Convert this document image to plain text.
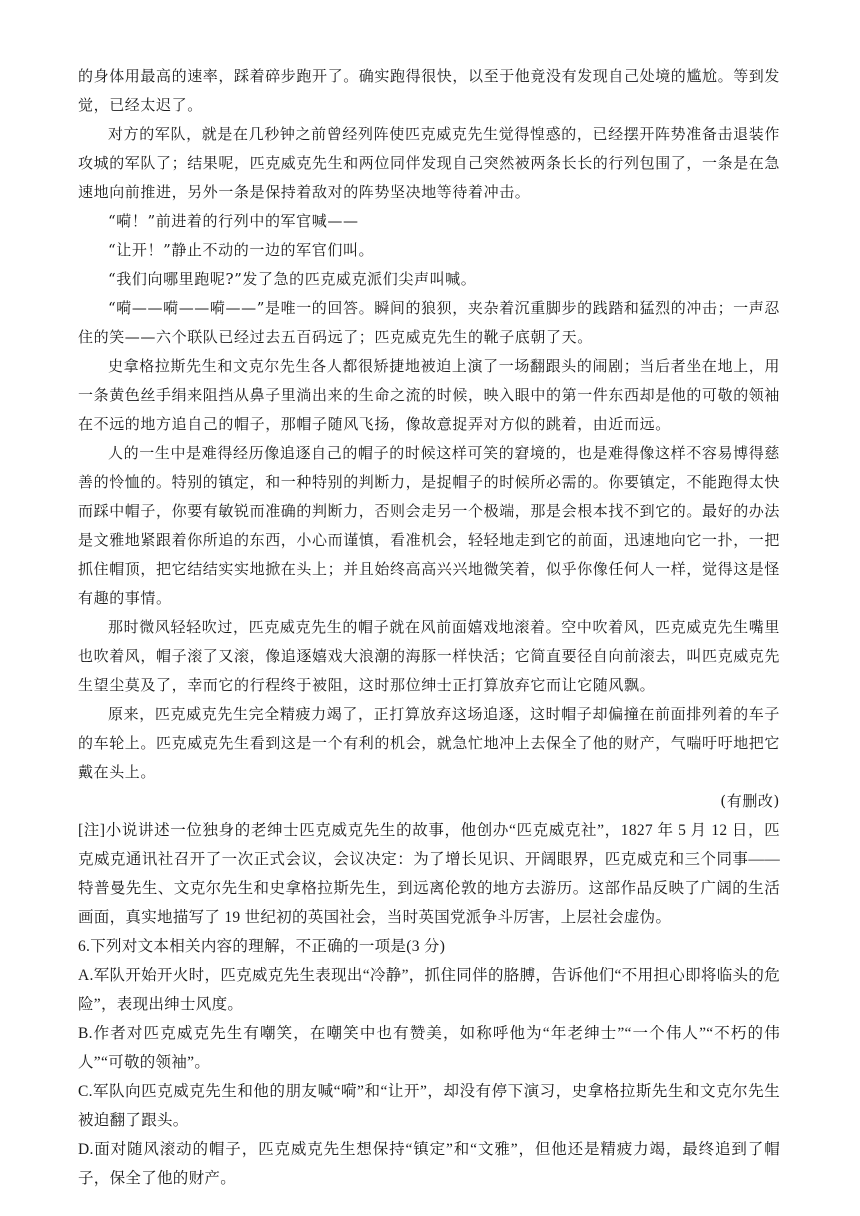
的身体用最高的速率，踩着碎步跑开了。确实跑得很快，以至于他竟没有发现自己处境的尴尬。等到发觉，已经太迟了。

对方的军队，就是在几秒钟之前曾经列阵使匹克威克先生觉得惶惑的，已经摆开阵势准备击退装作攻城的军队了；结果呢，匹克威克先生和两位同伴发现自己突然被两条长长的行列包围了，一条是在急速地向前推进，另外一条是保持着敌对的阵势坚决地等待着冲击。

“嗬！”前进着的行列中的军官喊——

“让开！”静止不动的一边的军官们叫。

“我们向哪里跑呢?”发了急的匹克威克派们尖声叫喊。

“嗬——嗬——嗬——”是唯一的回答。瞬间的狼狈，夹杂着沉重脚步的践踏和猛烈的冲击；一声忍住的笑——六个联队已经过去五百码远了；匹克威克先生的靴子底朝了天。

史拿格拉斯先生和文克尔先生各人都很矫捷地被迫上演了一场翻跟头的闹剧；当后者坐在地上，用一条黄色丝手绢来阻挡从鼻子里淌出来的生命之流的时候，映入眼中的第一件东西却是他的可敬的领袖在不远的地方追自己的帽子，那帽子随风飞扬，像故意捉弄对方似的跳着，由近而远。

人的一生中是难得经历像追逐自己的帽子的时候这样可笑的窘境的，也是难得像这样不容易博得慈善的怜恤的。特别的镇定，和一种特别的判断力，是捉帽子的时候所必需的。你要镇定，不能跑得太快而踩中帽子，你要有敏锐而准确的判断力，否则会走另一个极端，那是会根本找不到它的。最好的办法是文雅地紧跟着你所追的东西，小心而谨慎，看准机会，轻轻地走到它的前面，迅速地向它一扑，一把抓住帽顶，把它结结实实地掀在头上；并且始终高高兴兴地微笑着，似乎你像任何人一样，觉得这是怪有趣的事情。

那时微风轻轻吹过，匹克威克先生的帽子就在风前面嬉戏地滚着。空中吹着风，匹克威克先生嘴里也吹着风，帽子滚了又滚，像追逐嬉戏大浪潮的海豚一样快活；它简直要径自向前滚去，叫匹克威克先生望尘莫及了，幸而它的行程终于被阻，这时那位绅士正打算放弃它而让它随风飘。

原来，匹克威克先生完全精疲力竭了，正打算放弃这场追逐，这时帽子却偏撞在前面排列着的车子的车轮上。匹克威克先生看到这是一个有利的机会，就急忙地冲上去保全了他的财产，气喘吁吁地把它戴在头上。

(有删改)

[注]小说讲述一位独身的老绅士匹克威克先生的故事，他创办“匹克威克社”，1827 年 5 月 12 日，匹克威克通讯社召开了一次正式会议，会议决定：为了增长见识、开阔眼界，匹克威克和三个同事——特普曼先生、文克尔先生和史拿格拉斯先生，到远离伦敦的地方去游历。这部作品反映了广阔的生活画面，真实地描写了 19 世纪初的英国社会，当时英国党派争斗厉害，上层社会虚伪。

6.下列对文本相关内容的理解，不正确的一项是(3 分)

A.军队开始开火时，匹克威克先生表现出“冷静”，抓住同伴的胳膊，告诉他们“不用担心即将临头的危险”，表现出绅士风度。

B.作者对匹克威克先生有嘲笑，在嘲笑中也有赞美，如称呼他为“年老绅士”“一个伟人”“不朽的伟人”“可敬的领袖”。

C.军队向匹克威克先生和他的朋友喊“嗬”和“让开”，却没有停下演习，史拿格拉斯先生和文克尔先生被迫翻了跟头。

D.面对随风滚动的帽子，匹克威克先生想保持“镇定”和“文雅”，但他还是精疲力竭，最终追到了帽子，保全了他的财产。
